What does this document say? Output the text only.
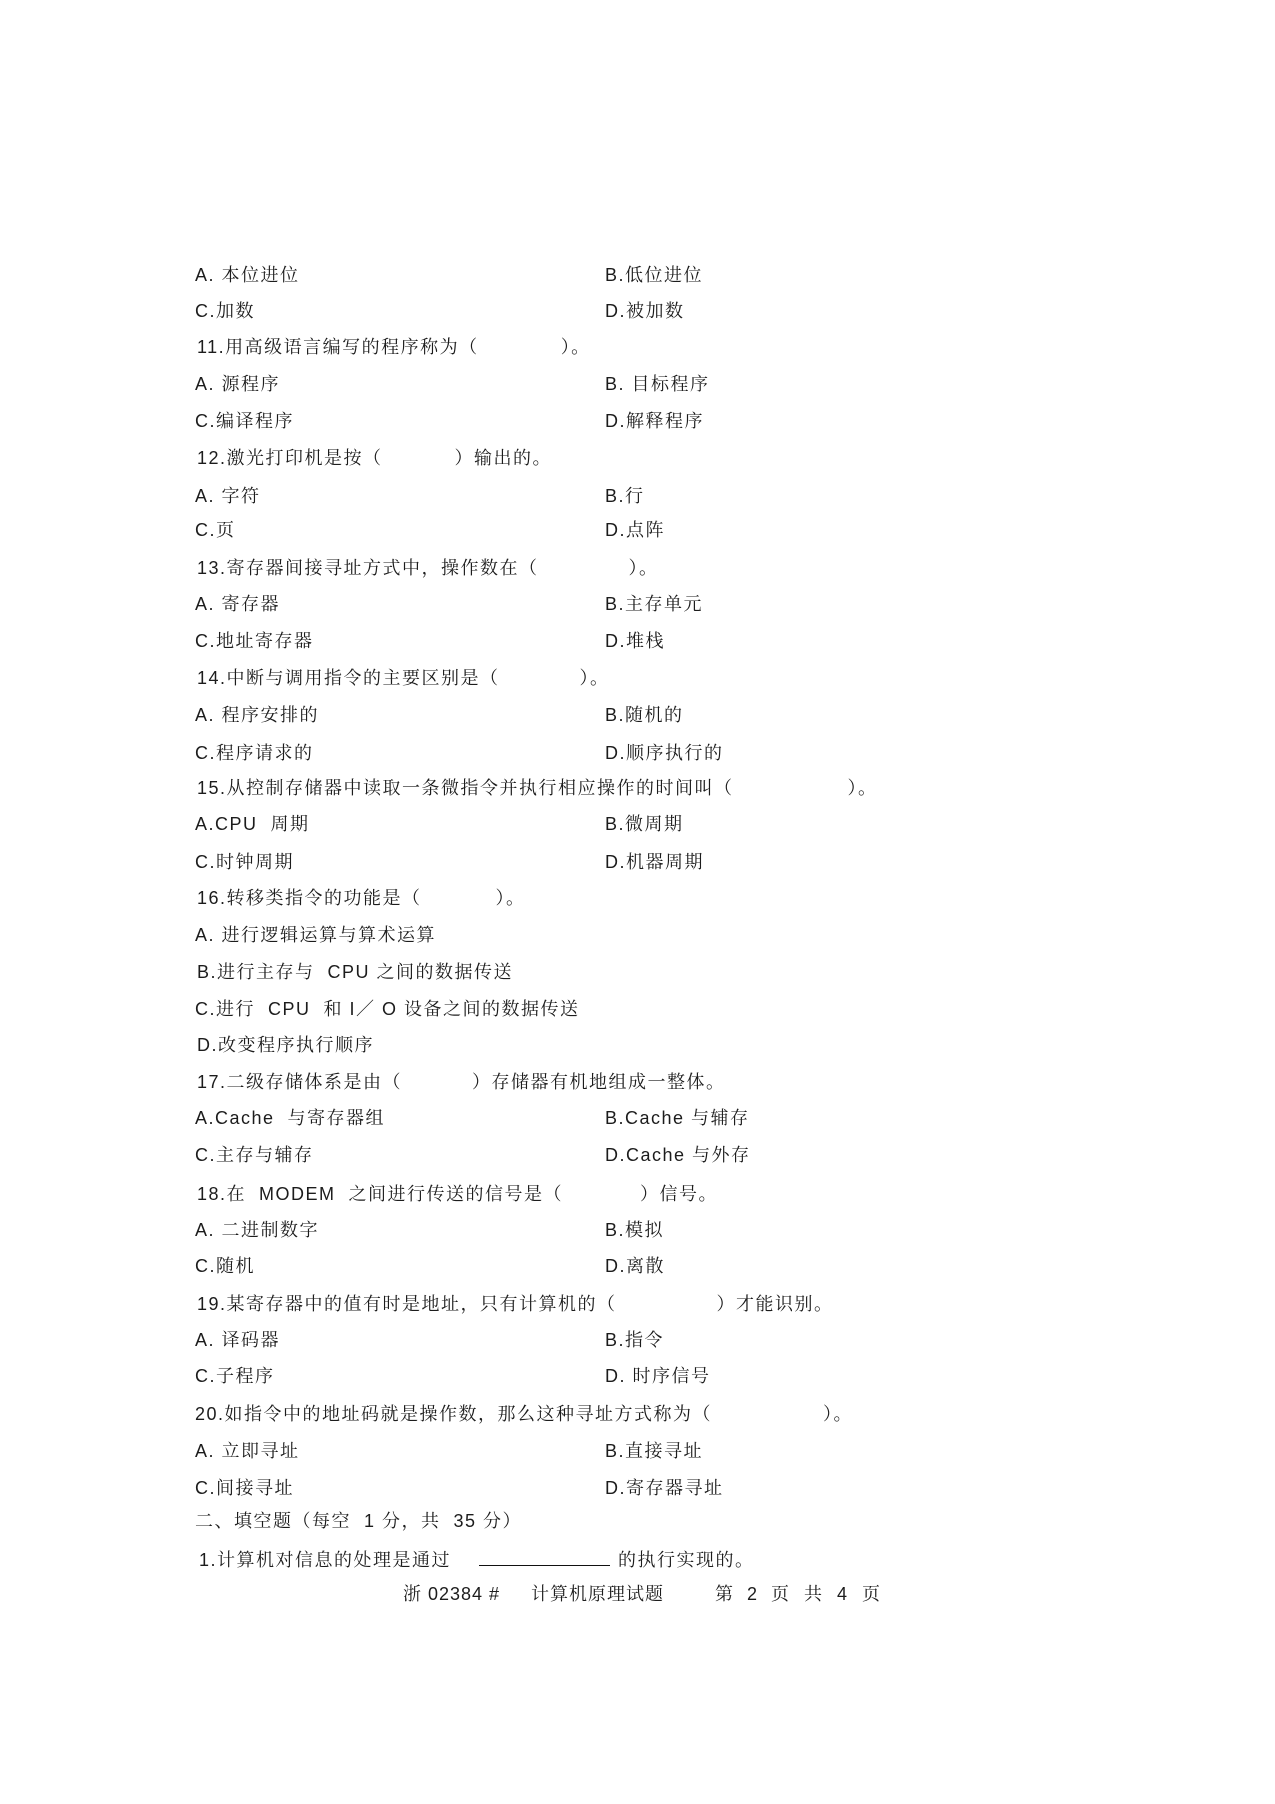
A. 本位进位	B.低位进位
C.加数	D.被加数
11.用高级语言编写的程序称为（	）。
A. 源程序	B. 目标程序
C.编译程序	D.解释程序
12.激光打印机是按（	）输出的。
A. 字符	B.行
C.页	D.点阵
13.寄存器间接寻址方式中，操作数在（	）。
A. 寄存器	B.主存单元
C.地址寄存器	D.堆栈
14.中断与调用指令的主要区别是（	）。
A. 程序安排的	B.随机的
C.程序请求的	D.顺序执行的
15.从控制存储器中读取一条微指令并执行相应操作的时间叫（	）。
A.CPU  周期	B.微周期
C.时钟周期	D.机器周期
16.转移类指令的功能是（	）。
A. 进行逻辑运算与算术运算
B.进行主存与  CPU 之间的数据传送
C.进行  CPU  和 I／ O 设备之间的数据传送
D.改变程序执行顺序
17.二级存储体系是由（	）存储器有机地组成一整体。
A.Cache  与寄存器组	B.Cache 与辅存
C.主存与辅存	D.Cache 与外存
18.在  MODEM  之间进行传送的信号是（	）信号。
A. 二进制数字	B.模拟
C.随机	D.离散
19.某寄存器中的值有时是地址，只有计算机的（	）才能识别。
A. 译码器	B.指令
C.子程序	D. 时序信号
20.如指令中的地址码就是操作数，那么这种寻址方式称为（	）。
A. 立即寻址	B.直接寻址
C.间接寻址	D.寄存器寻址
二、填空题（每空  1 分，共  35 分）
1.计算机对信息的处理是通过	的执行实现的。
浙 02384 # 计算机原理试题	第 2 页 共 4 页
